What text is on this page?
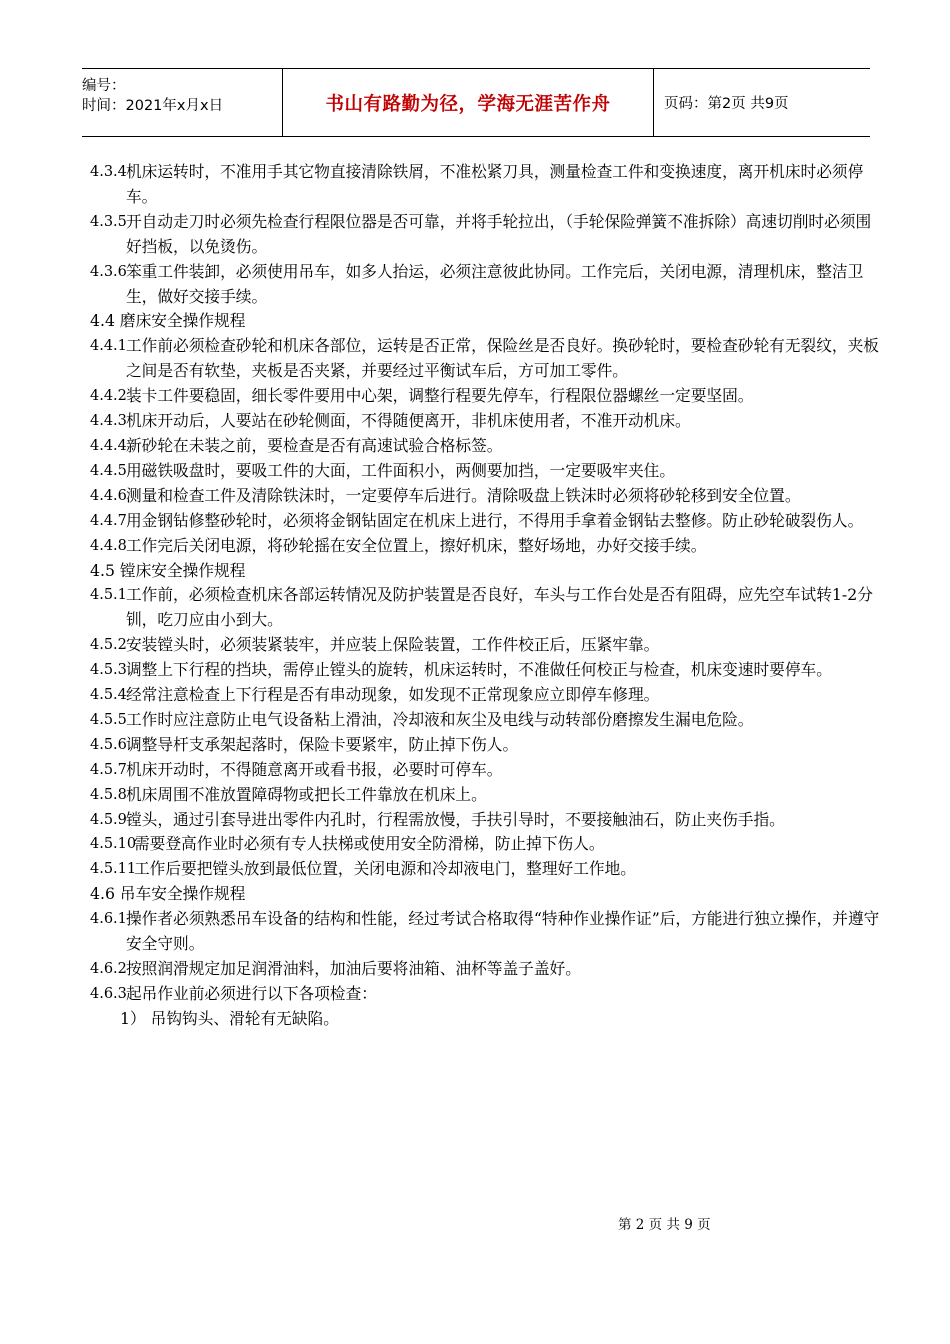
编号：
时间：2021年x月x日	书山有路勤为径，学海无涯苦作舟	页码：第2页 共9页
4.3.4 机床运转时，不准用手其它物直接清除铁屑，不准松紧刀具，测量检查工件和变换速度，离开机床时必须停车。
4.3.5 开自动走刀时必须先检查行程限位器是否可靠，并将手轮拉出，（手轮保险弹簧不准拆除）高速切削时必须围好挡板，以免烫伤。
4.3.6 笨重工件装卸，必须使用吊车，如多人抬运，必须注意彼此协同。工作完后，关闭电源，清理机床，整洁卫生，做好交接手续。
4.4 磨床安全操作规程
4.4.1 工作前必须检查砂轮和机床各部位，运转是否正常，保险丝是否良好。换砂轮时，要检查砂轮有无裂纹，夹板之间是否有软垫，夹板是否夹紧，并要经过平衡试车后，方可加工零件。
4.4.2 装卡工件要稳固，细长零件要用中心架，调整行程要先停车，行程限位器螺丝一定要坚固。
4.4.3 机床开动后，人要站在砂轮侧面，不得随便离开，非机床使用者，不准开动机床。
4.4.4 新砂轮在未装之前，要检查是否有高速试验合格标签。
4.4.5 用磁铁吸盘时，要吸工件的大面，工件面积小，两侧要加挡，一定要吸牢夹住。
4.4.6 测量和检查工件及清除铁沫时，一定要停车后进行。清除吸盘上铁沫时必须将砂轮移到安全位置。
4.4.7 用金钢钻修整砂轮时，必须将金钢钻固定在机床上进行，不得用手拿着金钢钻去整修。防止砂轮破裂伤人。
4.4.8 工作完后关闭电源，将砂轮摇在安全位置上，擦好机床，整好场地，办好交接手续。
4.5 镗床安全操作规程
4.5.1 工作前，必须检查机床各部运转情况及防护装置是否良好，车头与工作台处是否有阻碍，应先空车试转1-2分钏，吃刀应由小到大。
4.5.2 安装镗头时，必须装紧装牢，并应装上保险装置，工作件校正后，压紧牢靠。
4.5.3 调整上下行程的挡块，需停止镗头的旋转，机床运转时，不准做任何校正与检查，机床变速时要停车。
4.5.4 经常注意检查上下行程是否有串动现象，如发现不正常现象应立即停车修理。
4.5.5 工作时应注意防止电气设备粘上滑油，冷却液和灰尘及电线与动转部份磨擦发生漏电危险。
4.5.6 调整导杆支承架起落时，保险卡要紧牢，防止掉下伤人。
4.5.7 机床开动时，不得随意离开或看书报，必要时可停车。
4.5.8 机床周围不准放置障碍物或把长工件靠放在机床上。
4.5.9 镗头，通过引套导进出零件内孔时，行程需放慢，手扶引导时，不要接触油石，防止夹伤手指。
4.5.10
需要登高作业时必须有专人扶梯或使用安全防滑梯，防止掉下伤人。
4.5.11
工作后要把镗头放到最低位置，关闭电源和冷却液电门，整理好工作地。
4.6 吊车安全操作规程
4.6.1 操作者必须熟悉吊车设备的结构和性能，经过考试合格取得“特种作业操作证”后，方能进行独立操作，并遵守安全守则。
4.6.2 按照润滑规定加足润滑油料，加油后要将油箱、油杯等盖子盖好。
4.6.3 起吊作业前必须进行以下各项检查：
1） 吊钩钩头、滑轮有无缺陷。
第 2 页 共 9 页
